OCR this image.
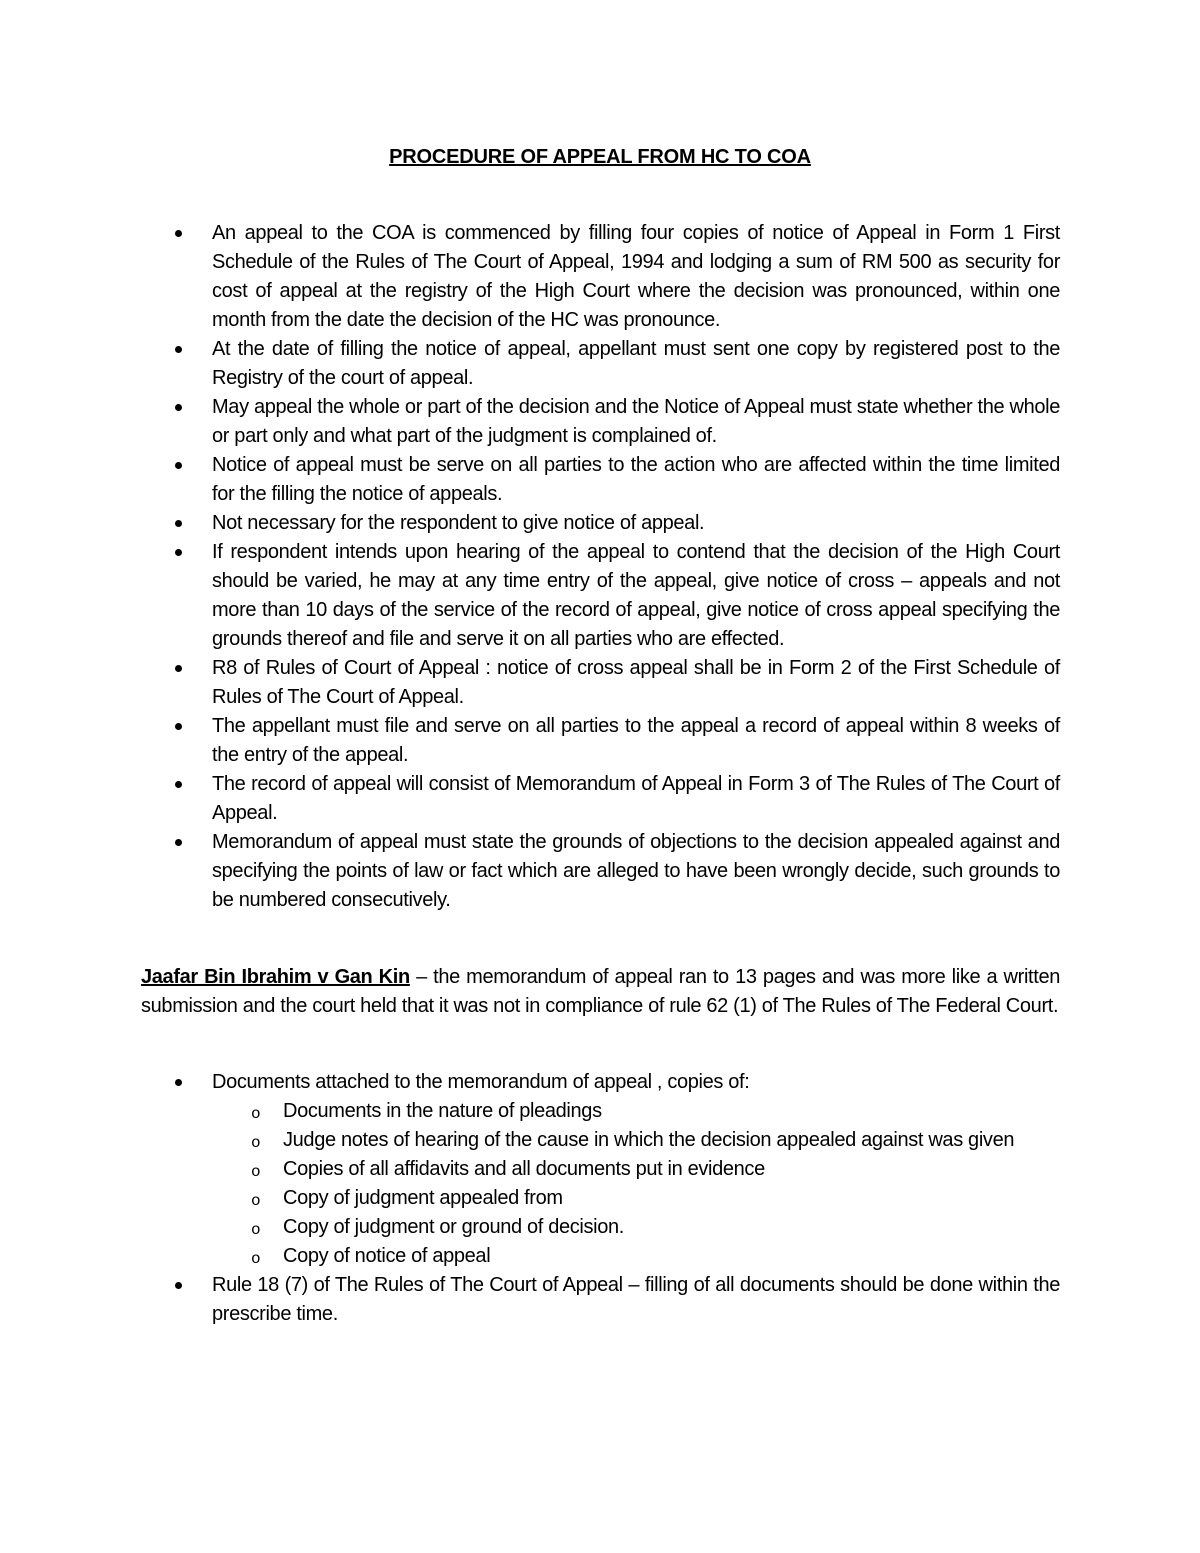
PROCEDURE OF APPEAL FROM HC TO COA
An appeal to the COA is commenced by filling four copies of notice of Appeal in Form 1 First Schedule of the Rules of The Court of Appeal, 1994 and lodging a sum of RM 500 as security for cost of appeal at the registry of the High Court where the decision was pronounced, within one month from the date the decision of the HC was pronounce.
At the date of filling the notice of appeal, appellant must sent one copy by registered post to the Registry of the court of appeal.
May appeal the whole or part of the decision and the Notice of Appeal must state whether the whole or part only and what part of the judgment is complained of.
Notice of appeal must be serve on all parties to the action who are affected within the time limited for the filling the notice of appeals.
Not necessary for the respondent to give notice of appeal.
If respondent intends upon hearing of the appeal to contend that the decision of the High Court should be varied, he may at any time entry of the appeal, give notice of cross – appeals and not more than 10 days of the service of the record of appeal, give notice of cross appeal specifying the grounds thereof and file and serve it on all parties who are effected.
R8 of Rules of Court of Appeal : notice of cross appeal shall be in Form 2 of the First Schedule of Rules of The Court of Appeal.
The appellant must file and serve on all parties to the appeal a record of appeal within 8 weeks of the entry of the appeal.
The record of appeal will consist of Memorandum of Appeal in Form 3 of The Rules of The Court of Appeal.
Memorandum of appeal must state the grounds of objections to the decision appealed against and specifying the points of law or fact which are alleged to have been wrongly decide, such grounds to be numbered consecutively.
Jaafar Bin Ibrahim v Gan Kin – the memorandum of appeal ran to 13 pages and was more like a written submission and the court held that it was not in compliance of rule 62 (1) of The Rules of The Federal Court.
Documents attached to the memorandum of appeal , copies of:
o Documents in the nature of pleadings
o Judge notes of hearing of the cause in which the decision appealed against was given
o Copies of all affidavits and all documents put in evidence
o Copy of judgment appealed from
o Copy of judgment or ground of decision.
o Copy of notice of appeal
Rule 18 (7) of The Rules of The Court of Appeal – filling of all documents should be done within the prescribe time.
